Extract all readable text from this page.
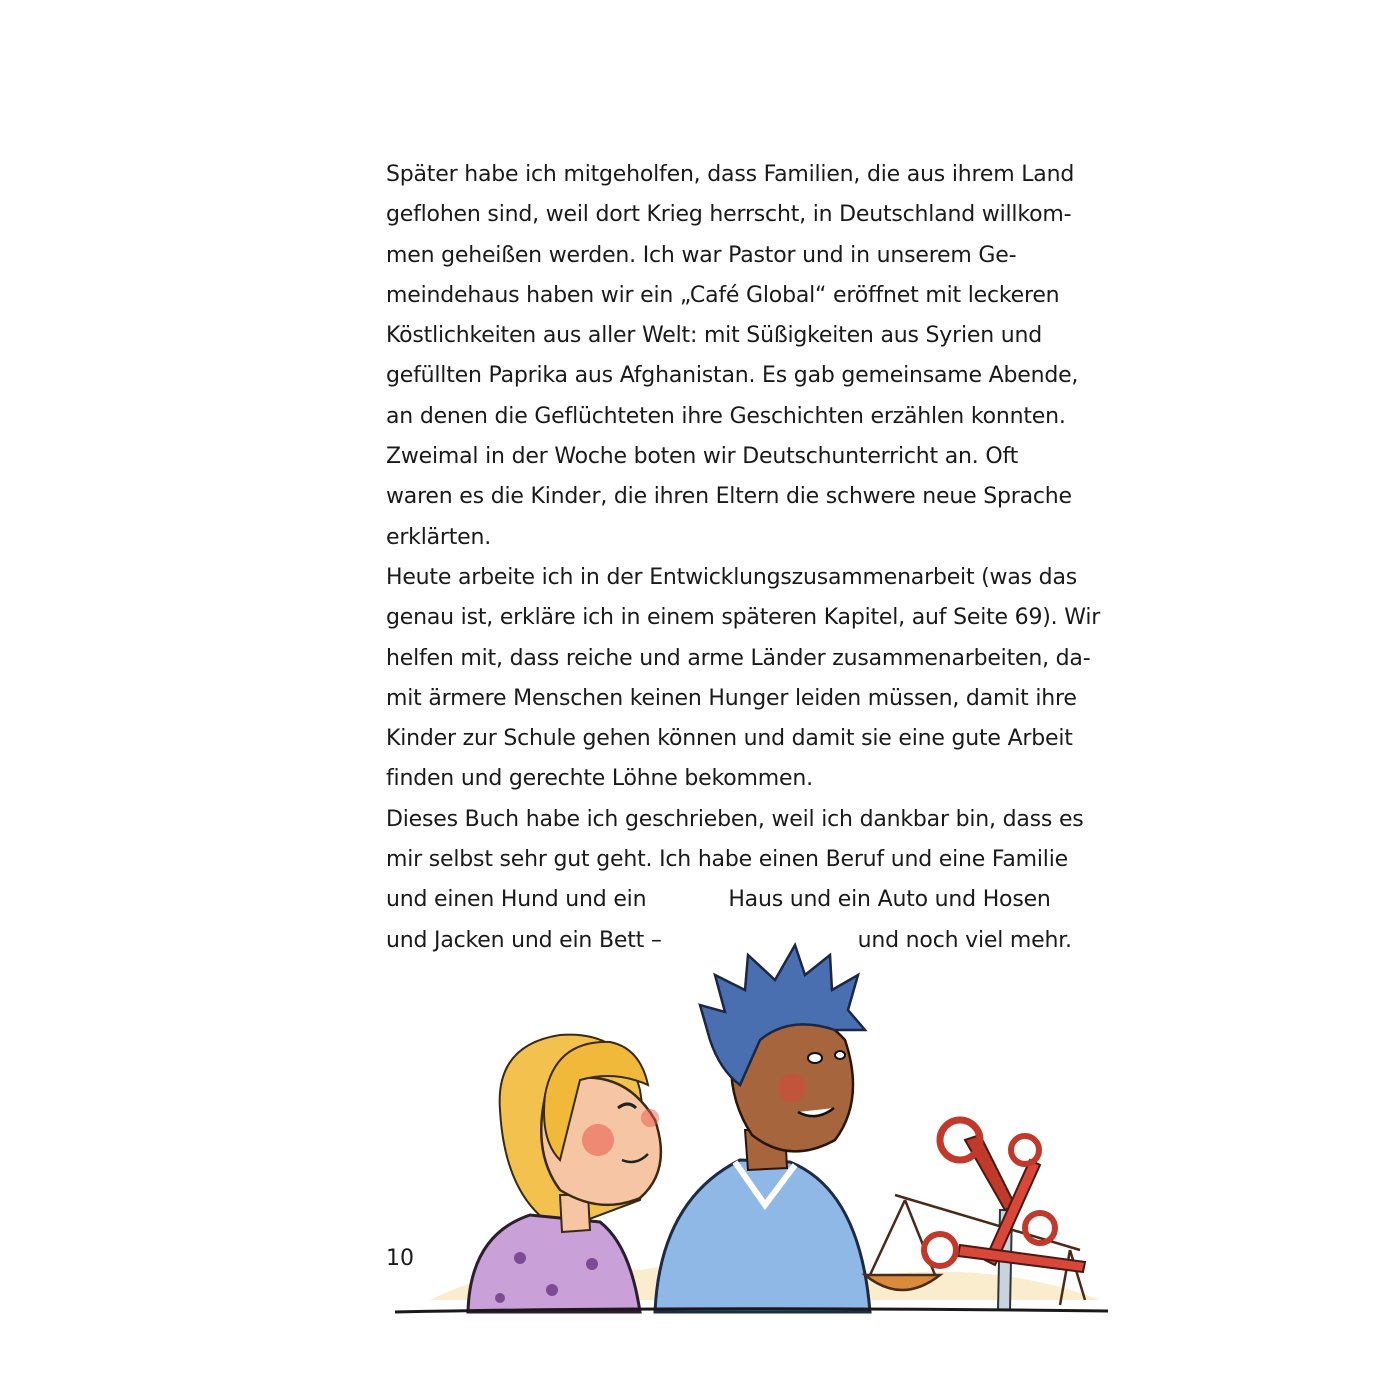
Später habe ich mitgeholfen, dass Familien, die aus ihrem Land
geflohen sind, weil dort Krieg herrscht, in Deutschland willkom-
men geheißen werden. Ich war Pastor und in unserem Ge-
meindehaus haben wir ein „Café Global“ eröffnet mit leckeren
Köstlichkeiten aus aller Welt: mit Süßigkeiten aus Syrien und
gefüllten Paprika aus Afghanistan. Es gab gemeinsame Abende,
an denen die Geflüchteten ihre Geschichten erzählen konnten.
Zweimal in der Woche boten wir Deutschunterricht an. Oft
waren es die Kinder, die ihren Eltern die schwere neue Sprache
erklärten.
Heute arbeite ich in der Entwicklungszusammenarbeit (was das
genau ist, erkläre ich in einem späteren Kapitel, auf Seite 69). Wir
helfen mit, dass reiche und arme Länder zusammenarbeiten, da-
mit ärmere Menschen keinen Hunger leiden müssen, damit ihre
Kinder zur Schule gehen können und damit sie eine gute Arbeit
finden und gerechte Löhne bekommen.
Dieses Buch habe ich geschrieben, weil ich dankbar bin, dass es
mir selbst sehr gut geht. Ich habe einen Beruf und eine Familie
und einen Hund und ein	Haus und ein Auto und Hosen
und Jacken und ein Bett –	und noch viel mehr.
10
